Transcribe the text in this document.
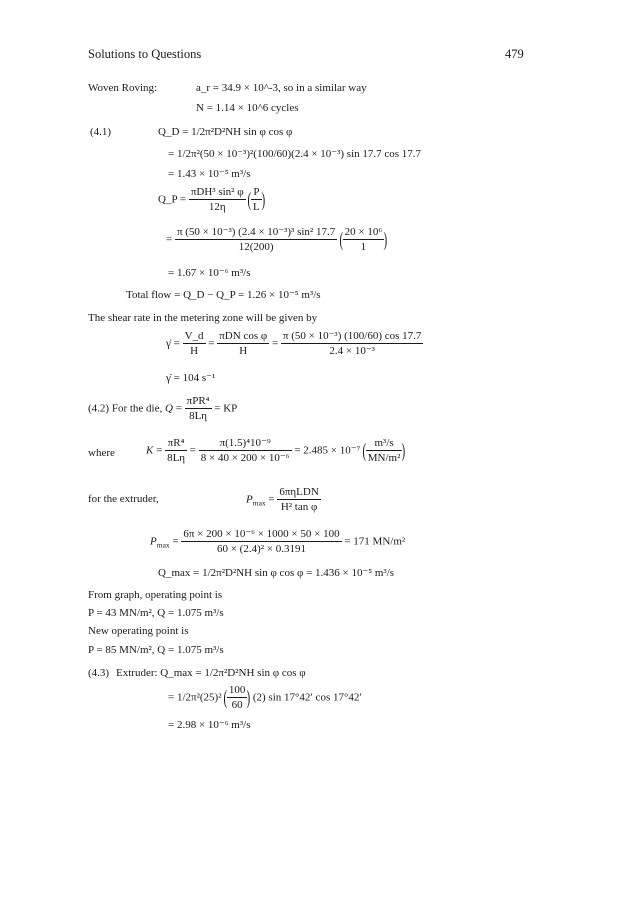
Solutions to Questions	479
Woven Roving:	a_r = 34.9 × 10^-3, so in a similar way
N = 1.14 × 10^6 cycles
(4.1)	Q_D = 1/2π²D²NH sin φ cos φ
= 1/2π²(50 × 10⁻³)²(100/60)(2.4 × 10⁻³) sin 17.7 cos 17.7
= 1.43 × 10⁻⁵ m³/s
Q_P = $\frac{\text{πDH³ sin² φ}}{12\eta}$ ( $\frac{P}{L}$ )
= $\frac{\text{π (50 × 10⁻³) (2.4 × 10⁻³)³ sin² 17.7}}{12(200)}$ ( $\frac{\text{20 × 10⁶}}{1}$ )
= 1.67 × 10⁻⁶ m³/s
Total flow = Q_D − Q_P = 1.26 × 10⁻⁵ m³/s
The shear rate in the metering zone will be given by
γ̇ = $\frac{V\_d}{H} = \frac{\text{πDN cos φ}}{H} = \frac{\text{π (50 × 10⁻³) (100/60) cos 17.7}}{\text{2.4 × 10⁻³}}$
γ̇ = 104 s⁻¹
(4.2) For the die, $Q = \frac{\text{πPR⁴}}{8L\eta}$ = KP
where	$K = \frac{\text{πR⁴}}{8L\eta} = \frac{\text{π(1.5)⁴10⁻⁹}}{\text{8 × 40 × 200 × 10⁻⁶}} = 2.485 \times 10^{-7}$ ( $\frac{\text{m³/s}}{\text{MN/m²}}$ )
for the extruder,	$P_{max} = \frac{\text{6πηLDN}}{\text{H² tan φ}}$
$P_{max} = \frac{\text{6π × 200 × 10⁻⁶ × 1000 × 50 × 100}}{\text{60 × (2.4)² × 0.3191}} = 171$ MN/m²
Q_max = 1/2π²D²NH sin φ cos φ = 1.436 × 10⁻⁵ m³/s
From graph, operating point is
P = 43 MN/m², Q = 1.075 m³/s
New operating point is
P = 85 MN/m², Q = 1.075 m³/s
(4.3) Extruder: Q_max = 1/2π²D²NH sin φ cos φ
= 1/2π²(25)² ( $\frac{100}{60}$ ) (2) sin 17°42′ cos 17°42′
= 2.98 × 10⁻⁶ m³/s
